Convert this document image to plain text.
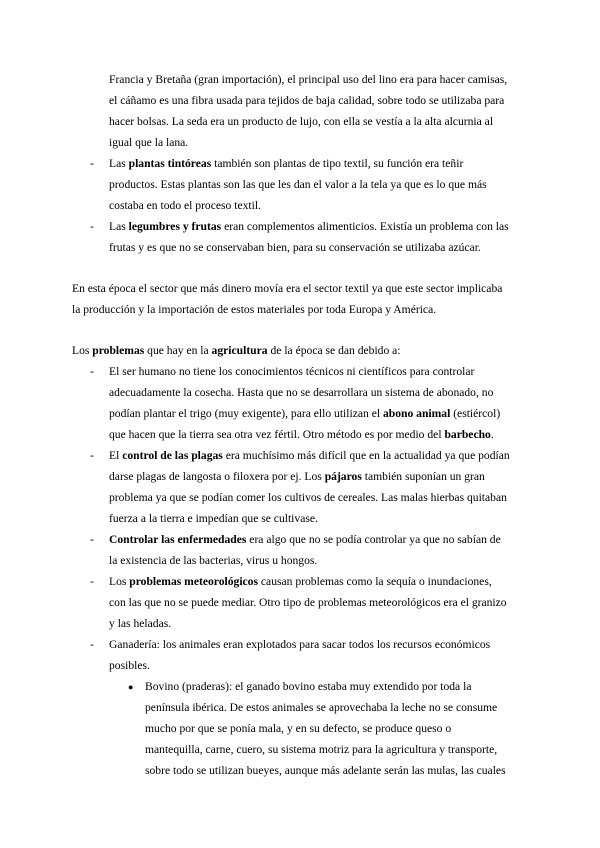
Francia y Bretaña (gran importación), el principal uso del lino era para hacer camisas,
el cáñamo es una fibra usada para tejidos de baja calidad, sobre todo se utilizaba para
hacer bolsas. La seda era un producto de lujo, con ella se vestía a la alta alcurnia al
igual que la lana.
- Las plantas tintóreas también son plantas de tipo textil, su función era teñir
productos. Estas plantas son las que les dan el valor a la tela ya que es lo que más
costaba en todo el proceso textil.
- Las legumbres y frutas eran complementos alimenticios. Existía un problema con las
frutas y es que no se conservaban bien, para su conservación se utilizaba azúcar.
En esta época el sector que más dinero movía era el sector textil ya que este sector implicaba
la producción y la importación de estos materiales por toda Europa y América.
Los problemas que hay en la agricultura de la época se dan debido a:
- El ser humano no tiene los conocimientos técnicos ni científicos para controlar
adecuadamente la cosecha. Hasta que no se desarrollara un sistema de abonado, no
podían plantar el trigo (muy exigente), para ello utilizan el abono animal (estiércol)
que hacen que la tierra sea otra vez fértil. Otro método es por medio del barbecho.
- El control de las plagas era muchísimo más difícil que en la actualidad ya que podían
darse plagas de langosta o filoxera por ej. Los pájaros también suponían un gran
problema ya que se podían comer los cultivos de cereales. Las malas hierbas quitaban
fuerza a la tierra e impedían que se cultivase.
- Controlar las enfermedades era algo que no se podía controlar ya que no sabían de
la existencia de las bacterias, virus u hongos.
- Los problemas meteorológicos causan problemas como la sequía o inundaciones,
con las que no se puede mediar. Otro tipo de problemas meteorológicos era el granizo
y las heladas.
- Ganadería: los animales eran explotados para sacar todos los recursos económicos
posibles.
● Bovino (praderas): el ganado bovino estaba muy extendido por toda la
península ibérica. De estos animales se aprovechaba la leche no se consume
mucho por que se ponía mala, y en su defecto, se produce queso o
mantequilla, carne, cuero, su sistema motriz para la agricultura y transporte,
sobre todo se utilizan bueyes, aunque más adelante serán las mulas, las cuales
